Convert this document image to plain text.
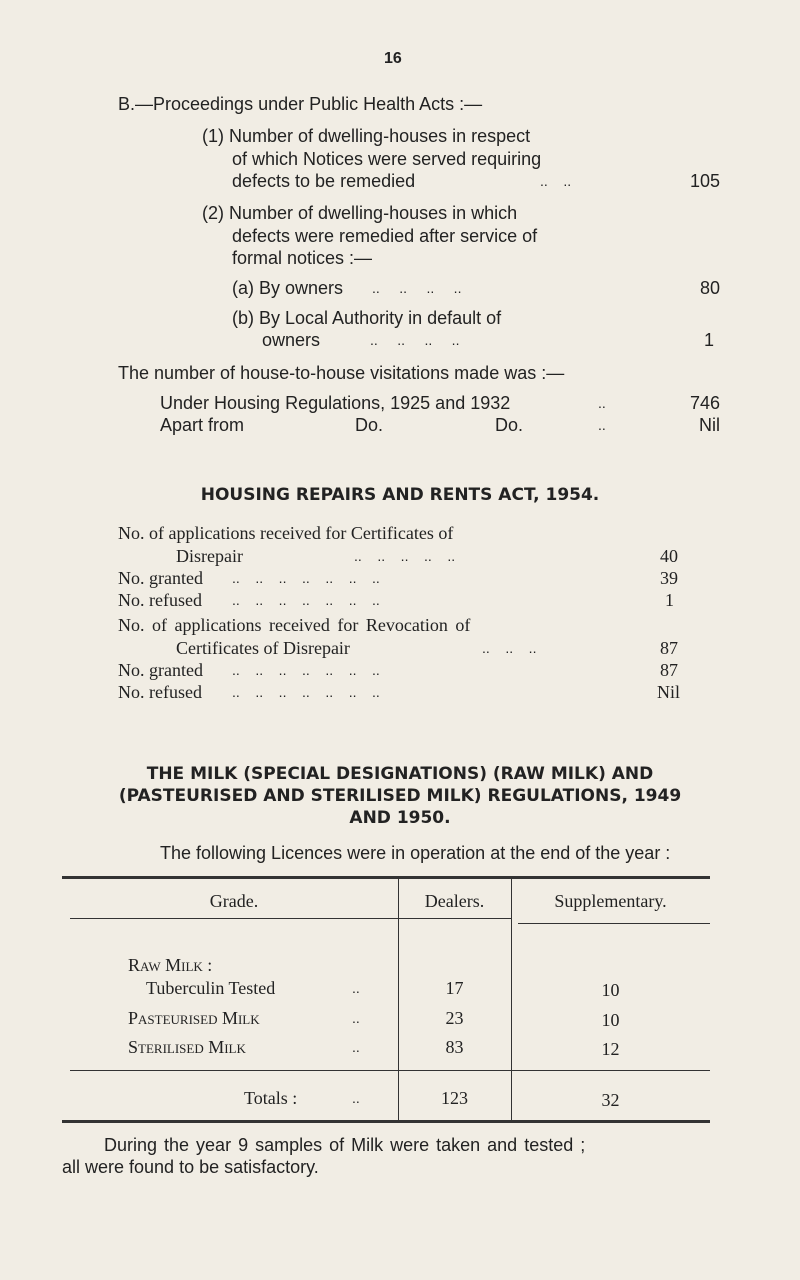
16
B.—Proceedings under Public Health Acts :—
(1) Number of dwelling-houses in respect
of which Notices were served requiring
defects to be remedied	..    ..	105
(2) Number of dwelling-houses in which
defects were remedied after service of
formal notices :—
(a) By owners ..     ..     ..     ..	80
(b) By Local Authority in default of
owners	..     ..     ..     ..	1
The number of house-to-house visitations made was :—
Under Housing Regulations, 1925 and 1932	..	746
Apart from	Do.	Do.	..	Nil
HOUSING REPAIRS AND RENTS ACT, 1954.
No. of applications received for Certificates of
Disrepair	..    ..    ..    ..    ..	40
No. granted ..    ..    ..    ..    ..    ..    ..	39
No. refused ..    ..    ..    ..    ..    ..    ..	1
No. of applications received for Revocation of
Certificates of Disrepair	..    ..    ..	87
No. granted ..    ..    ..    ..    ..    ..    ..	87
No. refused ..    ..    ..    ..    ..    ..    ..	Nil
THE MILK (SPECIAL DESIGNATIONS) (RAW MILK) AND
(PASTEURISED AND STERILISED MILK) REGULATIONS, 1949
AND 1950.
The following Licences were in operation at the end of the year :
Grade.	Dealers.	Supplementary.
Raw Milk :
Tuberculin Tested	..	17	10
Pasteurised Milk	..	23	10
Sterilised Milk	..	83	12
Totals :	..	123	32
During the year 9 samples of Milk were taken and tested ;
all were found to be satisfactory.
